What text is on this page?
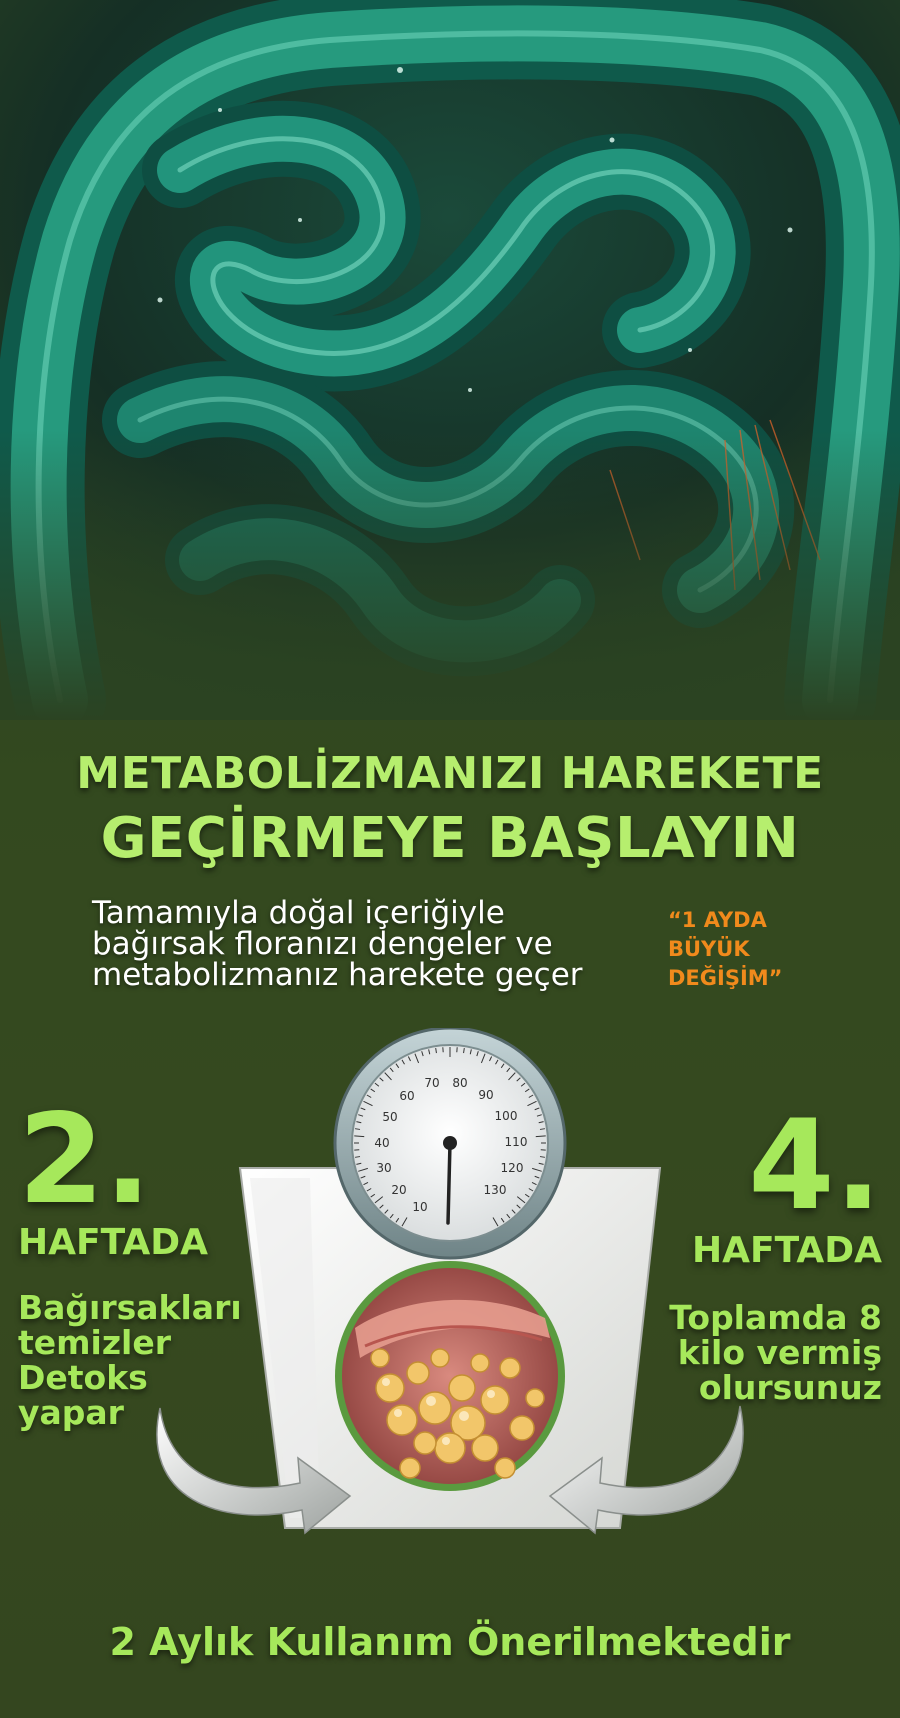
METABOLİZMANIZI HAREKETE

GEÇİRMEYE BAŞLAYIN

Tamamıyla doğal içeriğiyle
bağırsak floranızı dengeler ve
metabolizmanız harekete geçer

“1 AYDA
BÜYÜK
DEĞİŞİM”

10
20
30
40
50
60
70 80
90
100
110
120
130

2.

HAFTADA

Bağırsakları
temizler
Detoks
yapar

4.

HAFTADA

Toplamda 8
kilo vermiş
olursunuz

2 Aylık Kullanım Önerilmektedir
